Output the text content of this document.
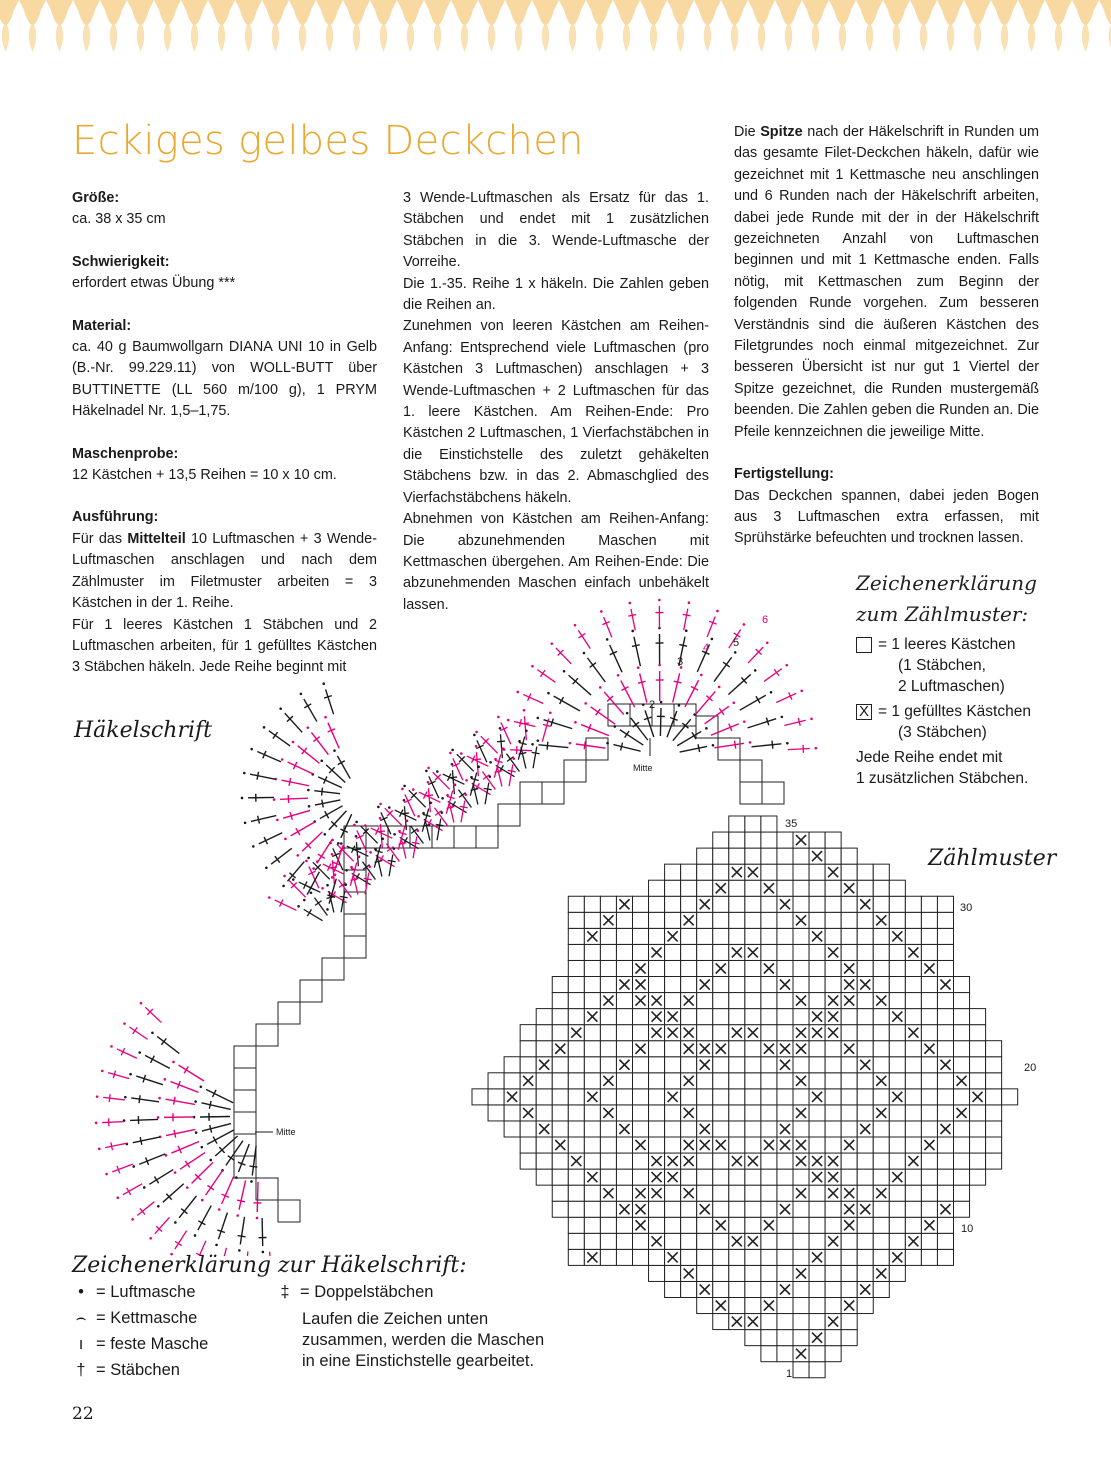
Eckiges gelbes Deckchen

Größe:

ca. 38 x 35 cm

Schwierigkeit:

erfordert etwas Übung ***

Material:

ca. 40 g Baumwollgarn DIANA UNI 10 in Gelb (B.-Nr. 99.229.11) von WOLL-BUTT über BUTTINETTE (LL 560 m/100 g), 1 PRYM Häkelnadel Nr. 1,5–1,75.

Maschenprobe:

12 Kästchen + 13,5 Reihen = 10 x 10 cm.

Ausführung:

Für das Mittelteil 10 Luftmaschen + 3 Wende-Luftmaschen anschlagen und nach dem Zählmuster im Filetmuster arbeiten = 3 Kästchen in der 1. Reihe.

Für 1 leeres Kästchen 1 Stäbchen und 2 Luftmaschen arbeiten, für 1 gefülltes Kästchen 3 Stäbchen häkeln. Jede Reihe beginnt mit

3 Wende-Luftmaschen als Ersatz für das 1. Stäbchen und endet mit 1 zusätzlichen Stäbchen in die 3. Wende-Luftmasche der Vorreihe.

Die 1.-35. Reihe 1 x häkeln. Die Zahlen geben die Reihen an.

Zunehmen von leeren Kästchen am Reihen-Anfang: Entsprechend viele Luftmaschen (pro Kästchen 3 Luftmaschen) anschlagen + 3 Wende-Luftmaschen + 2 Luftmaschen für das 1. leere Kästchen. Am Reihen-Ende: Pro Kästchen 2 Luftmaschen, 1 Vierfachstäbchen in die Einstichstelle des zuletzt gehäkelten Stäbchens bzw. in das 2. Abmaschglied des Vierfachstäbchens häkeln.

Abnehmen von Kästchen am Reihen-Anfang: Die abzunehmenden Maschen mit Kettmaschen übergehen. Am Reihen-Ende: Die abzunehmenden Maschen einfach unbehäkelt lassen.

Die Spitze nach der Häkelschrift in Runden um das gesamte Filet-Deckchen häkeln, dafür wie gezeichnet mit 1 Kettmasche neu anschlingen und 6 Runden nach der Häkelschrift arbeiten, dabei jede Runde mit der in der Häkelschrift gezeichneten Anzahl von Luftmaschen beginnen und mit 1 Kettmasche enden. Falls nötig, mit Kettmaschen zum Beginn der folgenden Runde vorgehen. Zum besseren Verständnis sind die äußeren Kästchen des Filetgrundes noch einmal mitgezeichnet. Zur besseren Übersicht ist nur gut 1 Viertel der Spitze gezeichnet, die Runden mustergemäß beenden. Die Zahlen geben die Runden an. Die Pfeile kennzeichnen die jeweilige Mitte.

Fertigstellung:

Das Deckchen spannen, dabei jeden Bogen aus 3 Luftmaschen extra erfassen, mit Sprühstärke befeuchten und trocknen lassen.

Zeichenerklärung
zum Zählmuster:
= 1 leeres Kästchen
(1 Stäbchen,
2 Luftmaschen)
X = 1 gefülltes Kästchen
(3 Stäbchen)
Jede Reihe endet mit
1 zusätzlichen Stäbchen.
Häkelschrift
Zählmuster
Mitte
Mitte
2
3
4 5
6
35
30
20
10
1
Zeichenerklärung zur Häkelschrift:
• = Luftmasche
⌢ = Kettmasche
ı = feste Masche
† = Stäbchen
‡ = Doppelstäbchen
Laufen die Zeichen unten
zusammen, werden die Maschen
in eine Einstichstelle gearbeitet.
22
